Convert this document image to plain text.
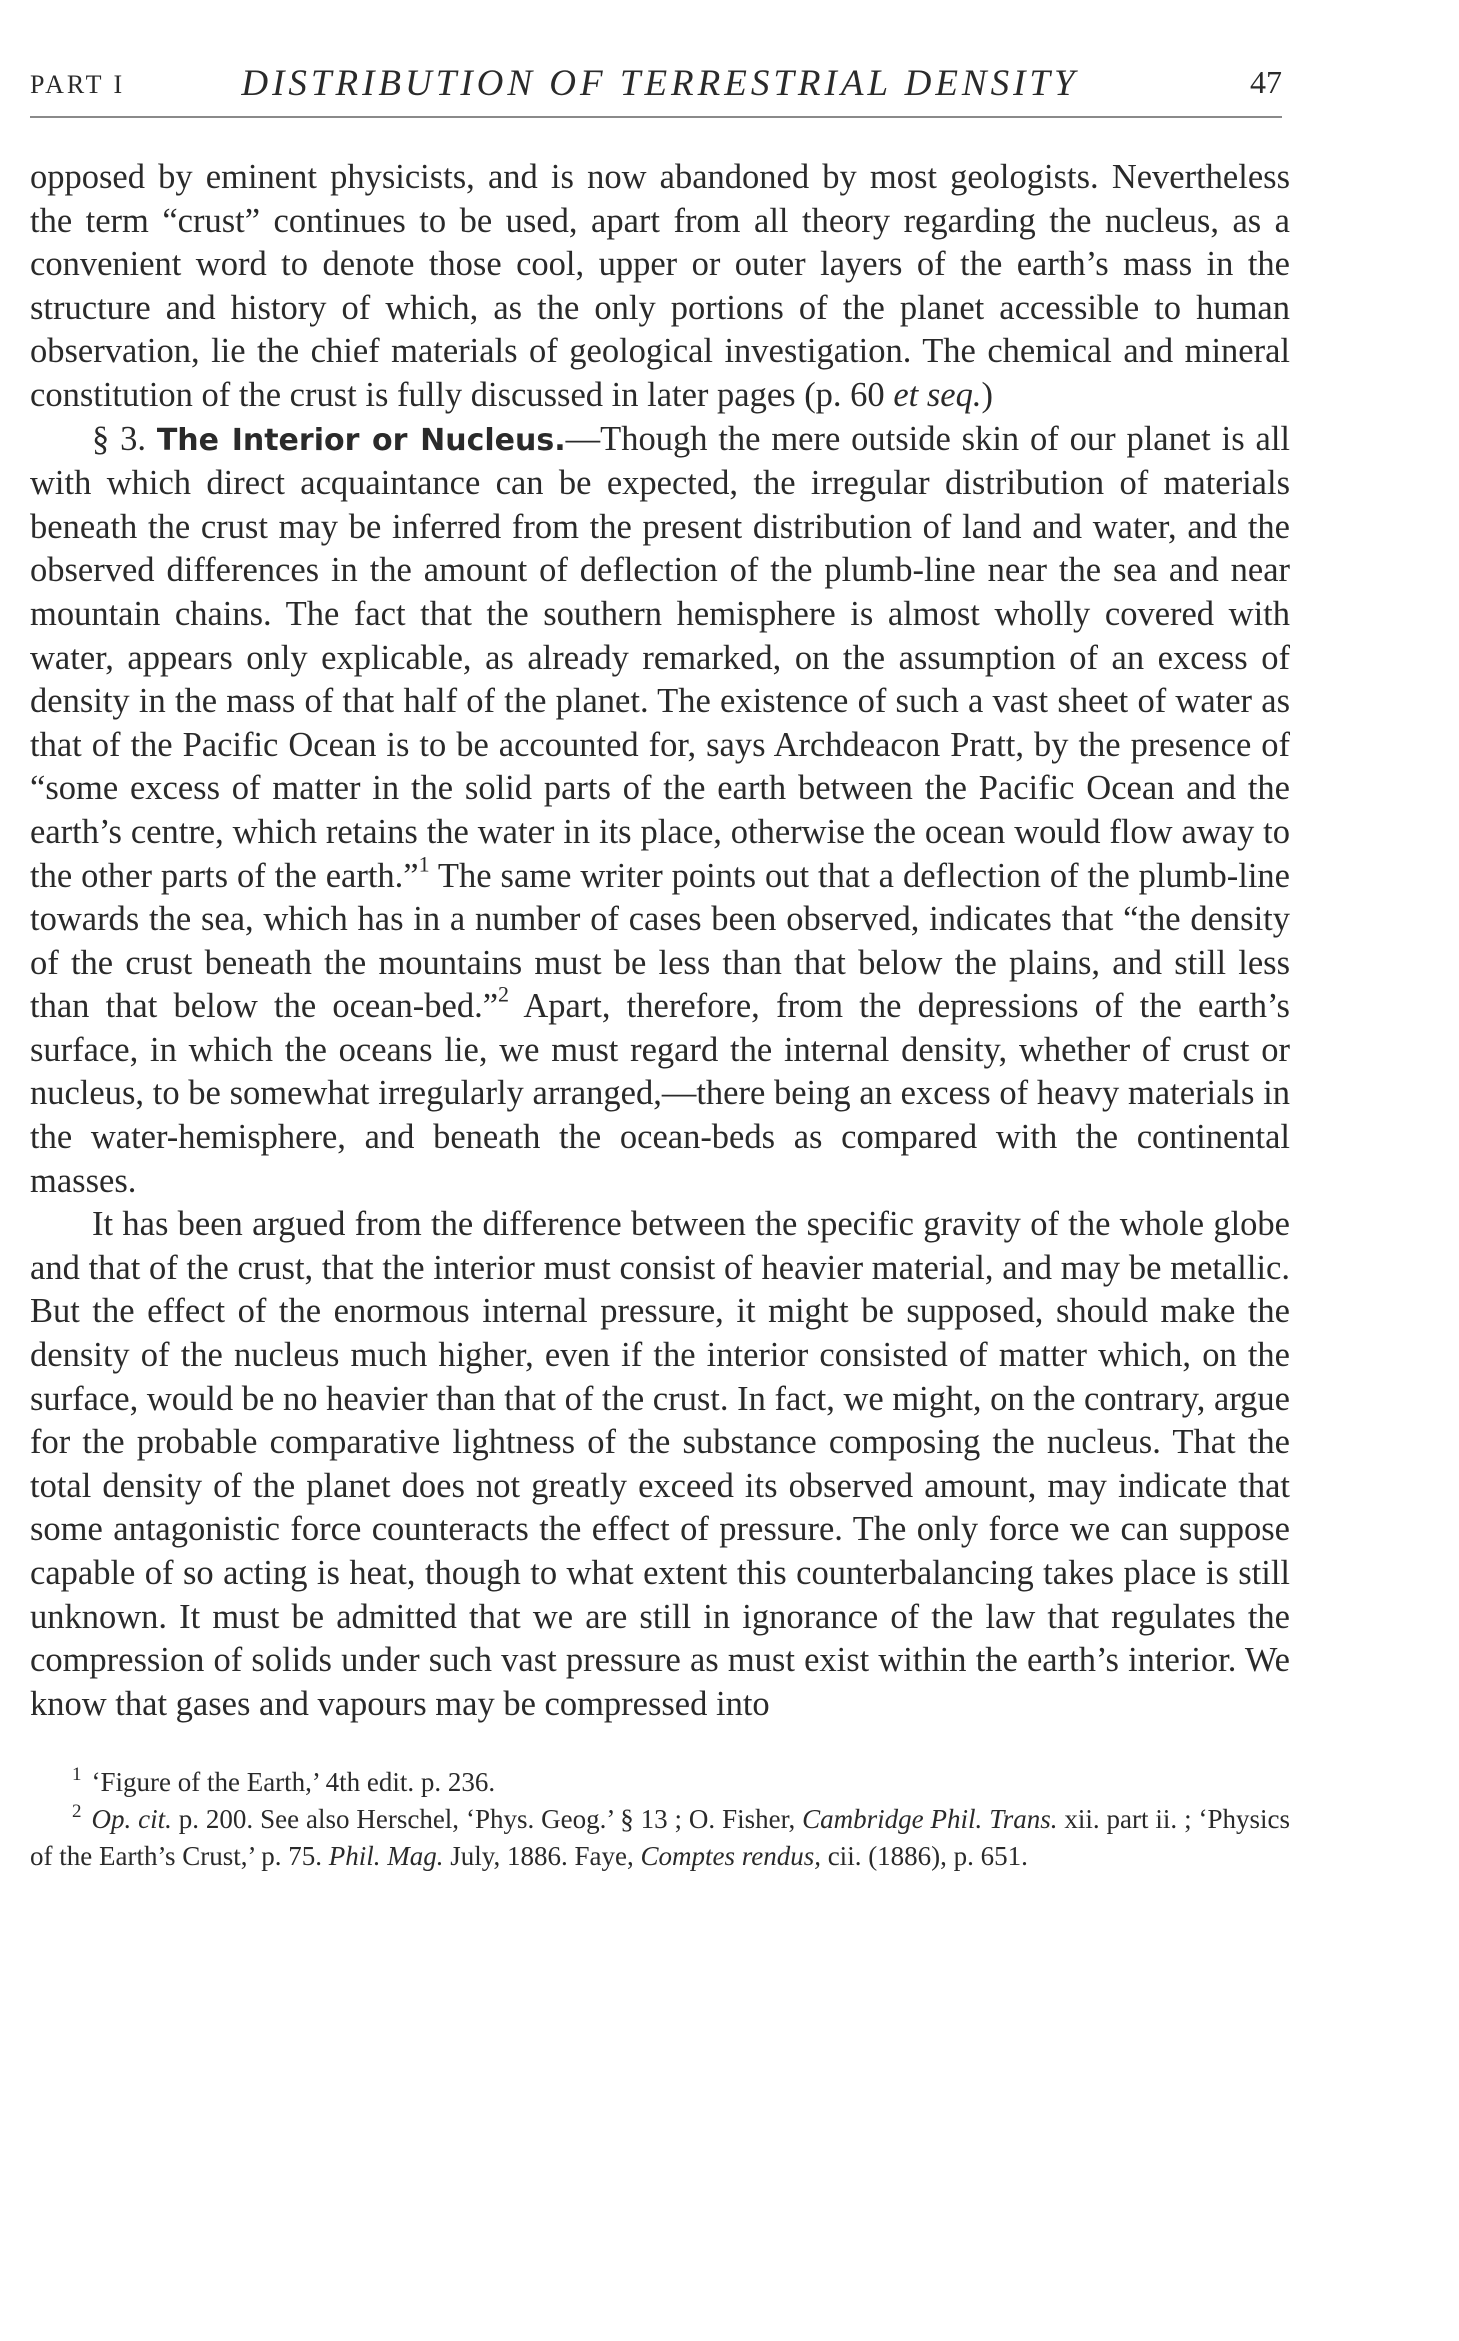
PART I	DISTRIBUTION OF TERRESTRIAL DENSITY	47

opposed by eminent physicists, and is now abandoned by most geologists. Nevertheless the term “crust” continues to be used, apart from all theory regarding the nucleus, as a convenient word to denote those cool, upper or outer layers of the earth’s mass in the structure and history of which, as the only portions of the planet accessible to human observation, lie the chief materials of geological investigation. The chemical and mineral constitution of the crust is fully discussed in later pages (p. 60 et seq.)

§ 3. The Interior or Nucleus.—Though the mere outside skin of our planet is all with which direct acquaintance can be expected, the irregular distribution of materials beneath the crust may be inferred from the present distribution of land and water, and the observed differences in the amount of deflection of the plumb-line near the sea and near mountain chains. The fact that the southern hemisphere is almost wholly covered with water, appears only explicable, as already remarked, on the assumption of an excess of density in the mass of that half of the planet. The existence of such a vast sheet of water as that of the Pacific Ocean is to be accounted for, says Archdeacon Pratt, by the presence of “some excess of matter in the solid parts of the earth between the Pacific Ocean and the earth’s centre, which retains the water in its place, otherwise the ocean would flow away to the other parts of the earth.”$^1$ The same writer points out that a deflection of the plumb-line towards the sea, which has in a number of cases been observed, indicates that “the density of the crust beneath the mountains must be less than that below the plains, and still less than that below the ocean-bed.”$^2$ Apart, therefore, from the depressions of the earth’s surface, in which the oceans lie, we must regard the internal density, whether of crust or nucleus, to be somewhat irregularly arranged,—there being an excess of heavy materials in the water-hemisphere, and beneath the ocean-beds as compared with the continental masses.

It has been argued from the difference between the specific gravity of the whole globe and that of the crust, that the interior must consist of heavier material, and may be metallic. But the effect of the enormous internal pressure, it might be supposed, should make the density of the nucleus much higher, even if the interior consisted of matter which, on the surface, would be no heavier than that of the crust. In fact, we might, on the contrary, argue for the probable comparative lightness of the substance composing the nucleus. That the total density of the planet does not greatly exceed its observed amount, may indicate that some antagonistic force counteracts the effect of pressure. The only force we can suppose capable of so acting is heat, though to what extent this counterbalancing takes place is still unknown. It must be admitted that we are still in ignorance of the law that regulates the compression of solids under such vast pressure as must exist within the earth’s interior. We know that gases and vapours may be compressed into

$^1$ ‘Figure of the Earth,’ 4th edit. p. 236.

$^2$ Op. cit. p. 200. See also Herschel, ‘Phys. Geog.’ § 13 ; O. Fisher, Cambridge Phil. Trans. xii. part ii. ; ‘Physics of the Earth’s Crust,’ p. 75. Phil. Mag. July, 1886. Faye, Comptes rendus, cii. (1886), p. 651.
